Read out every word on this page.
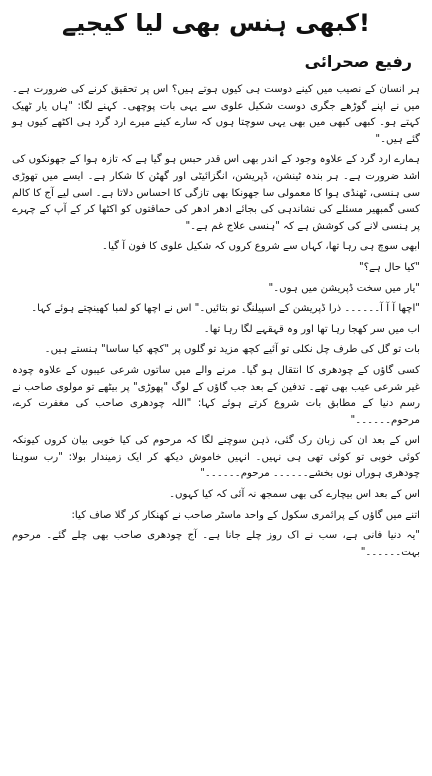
کبھی ہنس بھی لیا کیجیے!
رفیع صحرائی

ہر انسان کے نصیب میں کینے دوست ہی کیوں ہوتے ہیں؟ اس پر تحقیق کرنے کی ضرورت ہے۔ میں نے اپنے گوڑھے جگری دوست شکیل علوی سے یہی بات پوچھی۔ کہنے لگا: "ہاں یار ٹھیک کہتے ہو۔ کبھی کبھی میں بھی یہی سوچتا ہوں کہ سارے کینے میرے ارد گرد ہی اکٹھے کیوں ہو گئے ہیں۔"

ہمارے ارد گرد کے علاوہ وجود کے اندر بھی اس قدر حبس ہو گیا ہے کہ تازہ ہوا کے جھونکوں کی اشد ضرورت ہے۔ ہر بندہ ٹینشن، ڈپریشن، انگزائیٹی اور گھٹن کا شکار ہے۔ ایسے میں تھوڑی سی ہنسی، ٹھنڈی ہوا کا معمولی سا جھونکا بھی تازگی کا احساس دلاتا ہے۔ اسی لیے آج کا کالم کسی گمبھیر مسئلے کی نشاندہی کی بجائے ادھر ادھر کی حماقتوں کو اکٹھا کر کے آپ کے چہرے پر ہنسی لانے کی کوشش ہے کہ "ہنسی علاج غم ہے۔"

ابھی سوچ ہی رہا تھا، کہاں سے شروع کروں کہ شکیل علوی کا فون آ گیا۔

"کیا حال ہے؟"

"یار میں سخت ڈپریشن میں ہوں۔"

"اچھا آ آ آ۔۔۔۔۔۔ ذرا ڈپریشن کے اسپیلنگ تو بتائیں۔" اس نے اچھا کو لمبا کھینچتے ہوئے کہا۔

اب میں سر کھجا رہا تھا اور وہ قہقہے لگا رہا تھا۔

بات تو گل کی طرف چل نکلی تو آئیے کچھ مزید تو گلوں پر "کچھ کیا ساسا" ہنستے ہیں۔

کسی گاؤں کے چودھری کا انتقال ہو گیا۔ مرنے والے میں ساتوں شرعی عیبوں کے علاوہ چودہ غیر شرعی عیب بھی تھے۔ تدفین کے بعد جب گاؤں کے لوگ "پھوڑی" پر بیٹھے تو مولوی صاحب نے رسم دنیا کے مطابق بات شروع کرتے ہوئے کہا: "اللہ چودھری صاحب کی مغفرت کرے، مرحوم۔۔۔۔۔۔"

اس کے بعد ان کی زبان رک گئی، ذہن سوچنے لگا کہ مرحوم کی کیا خوبی بیان کروں کیونکہ کوئی خوبی تو کوئی تھی ہی نہیں۔ انہیں خاموش دیکھ کر ایک زمیندار بولا: "رب سوہنا چودھری ہوراں نوں بخشے۔۔۔۔۔۔ مرحوم۔۔۔۔۔۔"

اس کے بعد اس بیچارے کی بھی سمجھ نہ آئی کہ کیا کہوں۔

اتنے میں گاؤں کے پرائمری سکول کے واحد ماسٹر صاحب نے کھنکار کر گلا صاف کیا:

"یہ دنیا فانی ہے، سب نے اک روز چلے جانا ہے۔ آج چودھری صاحب بھی چلے گئے۔ مرحوم بہت۔۔۔۔۔۔"
